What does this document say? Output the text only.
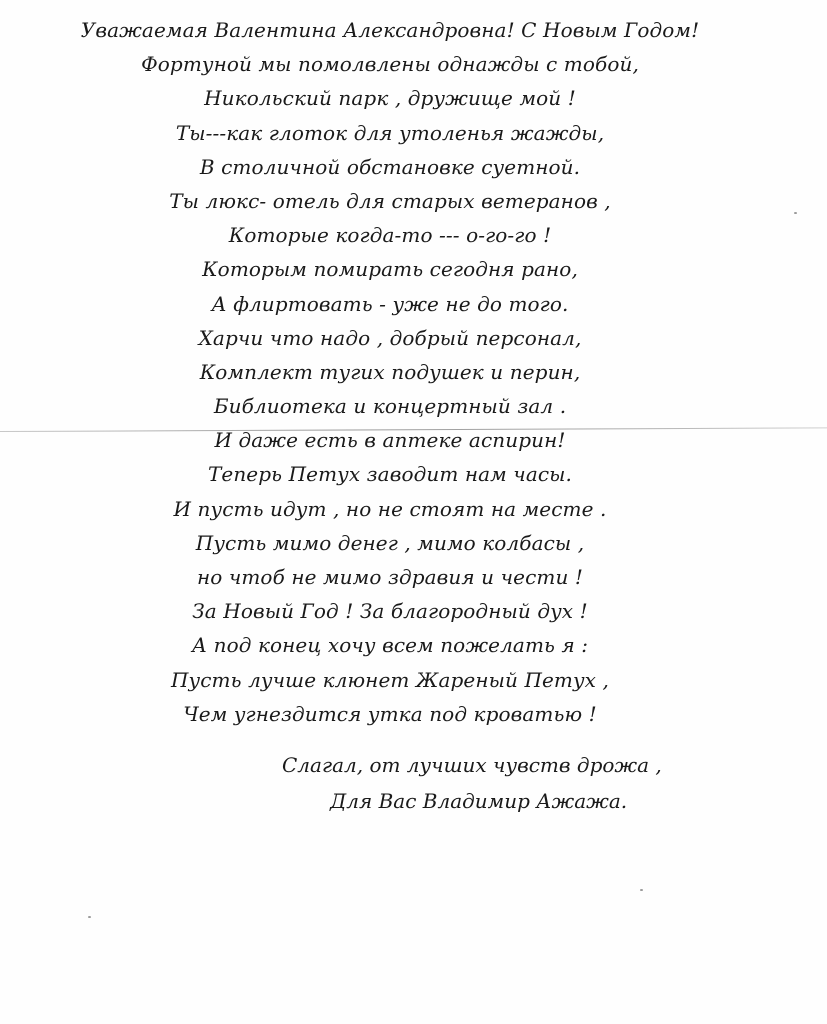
Уважаемая Валентина Александровна! С Новым Годом!
Фортуной мы помолвлены однажды с тобой,
Никольский парк , дружище мой !
Ты---как глоток для утоленья жажды,
В столичной обстановке суетной.
Ты люкс- отель для старых ветеранов ,
Которые когда-то --- о-го-го !
Которым помирать сегодня рано,
А флиртовать - уже не до того.
Харчи что надо , добрый персонал,
Комплект тугих подушек и перин,
Библиотека и концертный зал .
И даже есть в аптеке аспирин!
Теперь Петух заводит нам часы.
И пусть идут , но не стоят на месте .
Пусть мимо денег , мимо колбасы ,
но чтоб не мимо здравия и чести !
За Новый Год ! За благородный дух !
А под конец хочу всем пожелать я :
Пусть лучше клюнет Жареный Петух ,
Чем угнездится утка под кроватью !
Слагал, от лучших чувств дрожа ,
Для Вас Владимир Ажажа.
